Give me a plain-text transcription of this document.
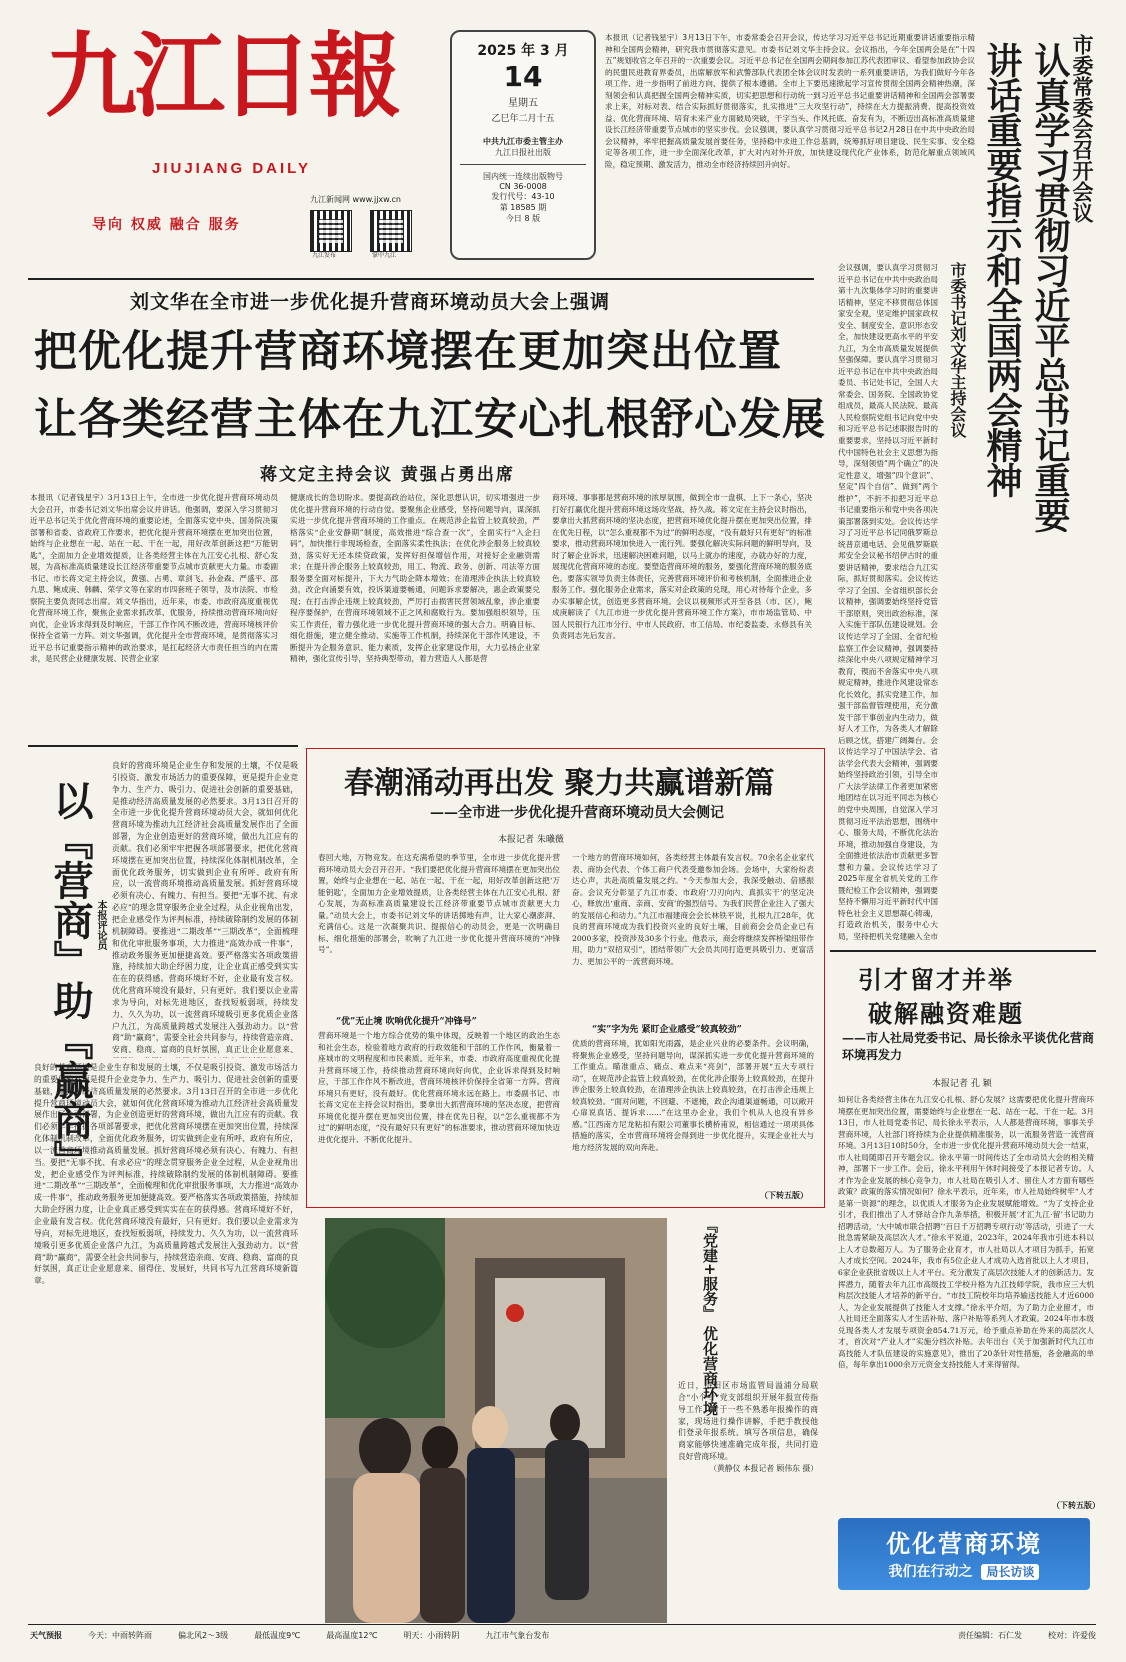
九江日報
JIUJIANG DAILY
导向 权威 融合 服务
九江新闻网 www.jjxw.cn
九江发布	掌中九江
2025 年 3 月
14
星期五
乙巳年二月十五
中共九江市委主管主办
九江日报社出版
国内统一连续出版物号
CN 36-0008
发行代号：43-10
第 18585 期
今日 8 版
本报讯（记者钱星宇）3月13日下午，市委常委会召开会议，传达学习习近平总书记近期重要讲话重要指示精神和全国两会精神，研究我市贯彻落实意见。市委书记刘文华主持会议。会议指出，今年全国两会是在“十四五”规划收官之年召开的一次重要会议。习近平总书记在全国两会期间参加江苏代表团审议、看望参加政协会议的民盟民进教育界委员，出席解放军和武警部队代表团全体会议时发表的一系列重要讲话，为我们做好今年各项工作、进一步指明了前进方向、提供了根本遵循。全市上下要迅速掀起学习宣传贯彻全国两会精神热潮，深刻领会和认真把握全国两会精神实质，切实把思想和行动统一到习近平总书记重要讲话精神和全国两会部署要求上来，对标对表、结合实际抓好贯彻落实，扎实推进“三大攻坚行动”，持续在大力提振消费、提高投资效益、优化营商环境、培育未来产业方面破局突破，干字当头、作风托底、奋发有为，不断迈出高标准高质量建设长江经济带重要节点城市的坚实步伐。会议强调，要认真学习贯彻习近平总书记2月28日在中共中央政治局会议精神，率牢把握高质量发展首要任务，坚持稳中求进工作总基调，统筹抓好项目建设、民生实事、安全稳定等各项工作，进一步全面深化改革，扩大对内对外开放，加快建设现代化产业体系，防范化解重点领域风险，稳定预期、激发活力，推动全市经济持续回升向好。	市委常委会召开会议
认真学习贯彻习近平总书记重要
讲话重要指示和全国两会精神
市委书记刘文华主持会议
会议强调，要认真学习贯彻习近平总书记在中共中央政治局第十九次集体学习时的重要讲话精神，坚定不移贯彻总体国家安全观，坚定维护国家政权安全、制度安全、意识形态安全，加快建设更高水平的平安九江，为全市高质量发展提供坚强保障。要认真学习贯彻习近平总书记在中共中央政治局委员、书记处书记，全国人大常委会、国务院、全国政协党组成员，最高人民法院、最高人民检察院党组书记向党中央和习近平总书记述职报告时的重要要求，坚持以习近平新时代中国特色社会主义思想为指导，深刻领悟“两个确立”的决定性意义，增强“四个意识”、坚定“四个自信”、做到“两个维护”，不折不扣把习近平总书记重要指示和党中央各项决策部署落到实处。会议传达学习了习近平总书记同俄罗斯总统普京通电话、会见俄罗斯联邦安全会议秘书绍伊古时的重要讲话精神，要求结合九江实际，抓好贯彻落实。会议传达学习了全国、全省组织部长会议精神，强调要始终坚持党管干部原则，突出政治标准，深入实施干部队伍建设规划。会议传达学习了全国、全省纪检监察工作会议精神，强调要持续深化中央八项规定精神学习教育，锲而不舍落实中央八项规定精神，推进作风建设常态化长效化，抓实党建工作，加强干部监督管理使用，充分激发干部干事创业内生动力，做好人才工作，为各类人才解除后顾之忧，搭建广阔舞台。会议传达学习了中国法学会、省法学会代表大会精神，强调要始终坚持政治引领，引导全市广大法学法律工作者更加紧密地团结在以习近平同志为核心的党中央周围，自觉深入学习贯彻习近平法治思想，围绕中心、服务大局，不断优化法治环境，推动加强自身建设，为全面推进依法治市贡献更多智慧和力量。会议传达学习了2025年度全省机关党的工作暨纪检工作会议精神，强调要坚持不懈用习近平新时代中国特色社会主义思想凝心铸魂，打造政治机关，服务中心大局，坚持把机关党建融入全市
刘文华在全市进一步优化提升营商环境动员大会上强调
把优化提升营商环境摆在更加突出位置
让各类经营主体在九江安心扎根舒心发展
蒋文定主持会议 黄强占勇出席
本报讯（记者钱星宇）3月13日上午，全市进一步优化提升营商环境动员大会召开，市委书记刘文华出席会议并讲话。他强调，要深入学习贯彻习近平总书记关于优化营商环境的重要论述，全面落实党中央、国务院决策部署和省委、省政府工作要求，把优化提升营商环境摆在更加突出位置，始终与企业想在一起、站在一起、干在一起，用好改革创新这把“万能钥匙”，全面加力企业增效提质，让各类经营主体在九江安心扎根、舒心发展，为高标准高质量建设长江经济带重要节点城市贡献更大力量。市委副书记、市长蒋文定主持会议，黄强、占勇、章剑飞、孙金森、严盛平、邵九思、鲍成庚、韩麟、荣学文等在家的市四套班子领导，及市法院、市检察院主要负责同志出席。刘文华指出，近年来，市委、市政府高度重视优化营商环境工作，聚焦企业需求抓改革、优服务，持续推动营商环境向好向优，企业诉求得到及时响应，干部工作作风不断改进，营商环境核评价保持全省第一方阵。刘文华强调，优化提升全市营商环境，是贯彻落实习近平总书记重要指示精神的政治要求，是扛起经济大市责任担当的内在需求，是民营企业健康发展、民营企业家
健康成长的急切盼求。要提高政治站位，深化思想认识，切实增强进一步优化提升营商环境的行动自觉。要聚焦企业感受，坚持问题导向，谋深抓实进一步优化提升营商环境的工作重点。在规范涉企监管上较真较劲，严格落实“企业安静期”制度，高效推进“综合查一次”，全面实行“入企扫码”，加快推行非现场检查，全面落实柔性执法；在优化涉企服务上较真较劲，落实好无还本续贷政策，发挥好担保增信作用，对接好企业融资需求；在提升涉企服务上较真较劲，用工、物流、政务、创新、司法等方面服务要全面对标提升，下大力气助企降本增效；在清理涉企执法上较真较劲，改企向涌要有效，投诉渠道要畅通，问题诉求要解决，惠企政策要兑现；在打击涉企违规上较真较劲，严厉打击损害民营领域乱象，涉企重要程序要保护，在营商环境领域不正之风和腐败行为。要加强组织领导，压实工作责任，着力强化进一步优化提升营商环境的强大合力。明确目标、细化措施，建立健全推动、实施等工作机制，持续深化干部作风建设，不断提升为企服务意识、能力素质，发挥企业家建设作用，大力弘扬企业家精神，强化宣传引导，坚持典型带动，着力营造人人都是营
商环境、事事都是营商环境的浓厚氛围，做到全市一盘棋、上下一条心，坚决打好打赢优化提升营商环境这场攻坚战、持久战。蒋文定在主持会议时指出，要拿出大抓营商环境的坚决态度，把营商环境优化提升摆在更加突出位置，排在优先日程，以“怎么重视都不为过”的鲜明态度，“没有最好只有更好”的标准要求，推动营商环境加快进入一流行列。要强化解决实际问题的鲜明导向，及时了解企业诉求，迅速解决困难问题，以马上就办的速度，办就办好的力度，展现优化营商环境的态度。要塑造营商环境的服务，要强化营商环境的服务底色。要落实领导负责主体责任，完善营商环境评价和考核机制，全面推进企业服务工作。强化服务企业需求，落实对企政策的兑现，用心对待每个企业，多办实事解企忧，创造更多营商环境。会议以视频形式开至各县（市、区），鲍成庚解读了《九江市进一步优化提升营商环境工作方案》，市市场监管局、中国人民银行九江市分行、中市人民政府、市工信局、市纪委监委、永修县有关负责同志先后发言。
以『营商』助『赢商』 本报评论员
良好的营商环境是企业生存和发展的土壤，不仅是吸引投资、激发市场活力的重要保障，更是提升企业竞争力、生产力、吸引力、促进社会创新的重要基础，是推动经济高质量发展的必然要求。3月13日召开的全市进一步优化提升营商环境动员大会，就如何优化营商环境为推动九江经济社会高质量发展作出了全面部署，为企业创造更好的营商环境，做出九江应有的贡献。我们必须牢牢把握各项部署要求，把优化营商环境摆在更加突出位置，持续深化体制机制改革，全面优化政务服务，切实做到企业有所呼、政府有所应，以一流营商环境推动高质量发展。抓好营商环境必须有决心、有魄力、有担当。要把“无事不扰、有求必应”的理念贯穿服务企业全过程，从企业视角出发，把企业感受作为评判标准，持续破除制约发展的体制机制障碍。要推进“二期改革”“三期改革”，全面梳理和优化审批服务事项，大力推进“高效办成一件事”，推动政务服务更加便捷高效。要严格落实各项政策措施，持续加大助企纾困力度，让企业真正感受到实实在在的获得感。营商环境好不好，企业最有发言权。优化营商环境没有最好，只有更好。我们要以企业需求为导向，对标先进地区，查找短板弱项，持续发力、久久为功，以一流营商环境吸引更多优质企业落户九江，为高质量跨越式发展注入强劲动力。以“营商”助“赢商”，需要全社会共同参与，持续营造亲商、安商、稳商、富商的良好氛围，真正让企业愿意来、
良好的营商环境是企业生存和发展的土壤，不仅是吸引投资、激发市场活力的重要保障，更是提升企业竞争力、生产力、吸引力、促进社会创新的重要基础，是推动经济高质量发展的必然要求。3月13日召开的全市进一步优化提升营商环境动员大会，就如何优化营商环境为推动九江经济社会高质量发展作出了全面部署，为企业创造更好的营商环境，做出九江应有的贡献。我们必须牢牢把握各项部署要求，把优化营商环境摆在更加突出位置，持续深化体制机制改革，全面优化政务服务，切实做到企业有所呼、政府有所应，以一流营商环境推动高质量发展。抓好营商环境必须有决心、有魄力、有担当。要把“无事不扰、有求必应”的理念贯穿服务企业全过程，从企业视角出发，把企业感受作为评判标准，持续破除制约发展的体制机制障碍。要推进“二期改革”“三期改革”，全面梳理和优化审批服务事项，大力推进“高效办成一件事”，推动政务服务更加便捷高效。要严格落实各项政策措施，持续加大助企纾困力度，让企业真正感受到实实在在的获得感。营商环境好不好，企业最有发言权。优化营商环境没有最好，只有更好。我们要以企业需求为导向，对标先进地区，查找短板弱项，持续发力、久久为功，以一流营商环境吸引更多优质企业落户九江，为高质量跨越式发展注入强劲动力。以“营商”助“赢商”，需要全社会共同参与，持续营造亲商、安商、稳商、富商的良好氛围，真正让企业愿意来、留得住、发展好，共同书写九江营商环境新篇章。
春潮涌动再出发 聚力共赢谱新篇
——全市进一步优化提升营商环境动员大会侧记
本报记者 朱曦薇
春回大地，万物竞发。在这充满希望的季节里，全市进一步优化提升营商环境动员大会召开召开。“我们要把优化提升营商环境摆在更加突出位置，始终与企业想在一起、站在一起、干在一起，用好改革创新这把‘万能钥匙’，全面加力企业增效提质，让各类经营主体在九江安心扎根、舒心发展，为高标准高质量建设长江经济带重要节点城市贡献更大力量。”动员大会上，市委书记刘文华的讲话掷地有声，让大家心潮澎湃、充满信心。这是一次凝聚共识、提振信心的动员会，更是一次明确目标、细化措施的部署会，吹响了九江进一步优化提升营商环境的“冲锋号”。
“优”无止境 吹响优化提升“冲锋号”
营商环境是一个地方综合优势的集中体现，反映着一个地区的政治生态和社会生态，检验着地方政府的行政效能和干部的工作作风，衡量着一座城市的文明程度和市民素质。近年来，市委、市政府高度重视优化提升营商环境工作，持续推动营商环境向好向优，企业诉求得到及时响应，干部工作作风不断改进，营商环境核评价保持全省第一方阵。营商环境只有更好，没有最好。优化营商环境永远在路上。市委副书记、市长蒋文定在主持会议时指出，要拿出大抓营商环境的坚决态度，把营商环境优化提升摆在更加突出位置，排在优先日程，以“怎么重视都不为过”的鲜明态度，“没有最好只有更好”的标准要求，推动营商环境加快迈进优化提升、不断优化提升。
一个地方的营商环境如何，各类经营主体最有发言权。70余名企业家代表、商协会代表、个体工商户代表受邀参加会场。会场中，大家纷纷表达心声，共赴高质量发展之约。“今天参加大会，我深受触动、倍感振奋。会议充分彰显了九江市委、市政府‘刀刃向内、真抓实干’的坚定决心，释放出‘重商、亲商、安商’的强烈信号。为我们民营企业注入了强大的发展信心和动力。”九江市福建商会会长林铁平说，扎根九江28年，优良的营商环境成为我们投资兴业的良好土壤，目前商会会员企业已有2000多家，投资涉及30多个行业。他表示，商会将继续发挥桥梁纽带作用，助力“双招双引”，团结带领广大会员共同打造更具吸引力、更富活力、更加公平的一流营商环境。
“实”字为先 紧盯企业感受“较真较劲”
优质的营商环境，犹如阳光雨露，是企业兴业的必要条件。会议明确，将聚焦企业感受，坚持问题导向，谋深抓实进一步优化提升营商环境的工作重点。瞄准重点、痛点、难点来“亮剑”，部署开展“五大专项行动”，在规范涉企监管上较真较劲，在优化涉企服务上较真较劲，在提升涉企服务上较真较劲，在清理涉企执法上较真较劲，在打击涉企违规上较真较劲。“面对问题，不回避、不遮掩，政企沟通渠道畅通，可以敞开心扉说真话、提诉求……”在这里办企业，我们个机从人也没有异乡感。”江西南方尼龙粘扣有限公司董事长横桥甫说，相信通过一项项具体措施的落实，全市营商环境将会得到进一步优化提升，实现企业社大与地方经济发展的双向奔赴。
（下转五版）
『党建+服务』 优化营商环境
近日，浔阳区市场监管局溢浦分局联合“小个专”党支部组织开展年报宣传指导工作，对于一些不熟悉年报操作的商家，现场进行操作讲解，手把手教授他们登录年报系统、填写各项信息，确保商家能够快速准确完成年报，共同打造良好营商环境。
（黄静仪 本报记者 顾伟东 摄）
引才留才并举
破解融资难题
——市人社局党委书记、局长徐永平谈优化营商环境再发力
本报记者 孔 颖
如何让各类经营主体在九江安心扎根、舒心发展？这需要把优化提升营商环境摆在更加突出位置，需要始终与企业想在一起、站在一起、干在一起。3月13日，市人社局党委书记、局长徐永平表示，人人都是营商环境，事事关乎营商环境，人社部门将持续为企业提供精准服务，以一流服务营造一流营商环境。3月13日10时50分，全市进一步优化提升营商环境动员大会一结束，市人社局随即召开专题会议。徐永平第一时间传达了全市动员大会的相关精神，部署下一步工作。会后，徐永平利用午休时间接受了本报记者专访。人才作为企业发展的核心竞争力，市人社局在吸引人才、留住人才方面有哪些政策？政策的落实情况如何？徐永平表示，近年来，市人社局始终树牢“人才是第一资源”的理念，以优质人才服务为企业发展赋能增效。“为了支持企业引才，我们推出了人才驿站合作九条举措，积极开展‘才汇九江·留’书记助力招聘活动，‘大中城市联合招聘’‘百日千万招聘专项行动’等活动，引进了一大批急需紧缺及高层次人才。”徐永平说道，2023年，2024年我市引进本科以上人才总数超万人。为了服务企业育才，市人社局以人才项目为抓手，拓宽人才成长空间。2024年，我市有5位企业人才成功入选首批以上人才项目，6家企业获批省级以上人才平台。充分激发了高层次技能人才的创新活力。发挥潜力，随着去年九江市高级技工学校升格为九江技师学院，我市应三大机构层次技能人才培养的新平台。“市技工院校年均培养输送技能人才近6000人，为企业发展提供了技能人才支撑。”徐永平介绍，为了助力企业留才，市人社局还全面落实人才生活补贴、落户补贴等系列人才政策。2024年市本级兑现各类人才发展专项资金854.71万元，给予重点补助在外来的高层次人才，首次对“产业人才”实施分档次补贴。去年出台《关于加强新时代九江市高技能人才队伍建设的实施意见》，推出了20条针对性措施，各金融高的单倍，每年拿出1000余万元资金支持技能人才来得留得。
（下转五版）
优化营商环境
我们在行动之 局长访谈
天气预报	今天：中雨转阵雨	偏北风2～3级	最低温度9℃	最高温度12℃	明天：小雨转阴	九江市气象台发布	责任编辑：石仁发	校对：许爱俊
